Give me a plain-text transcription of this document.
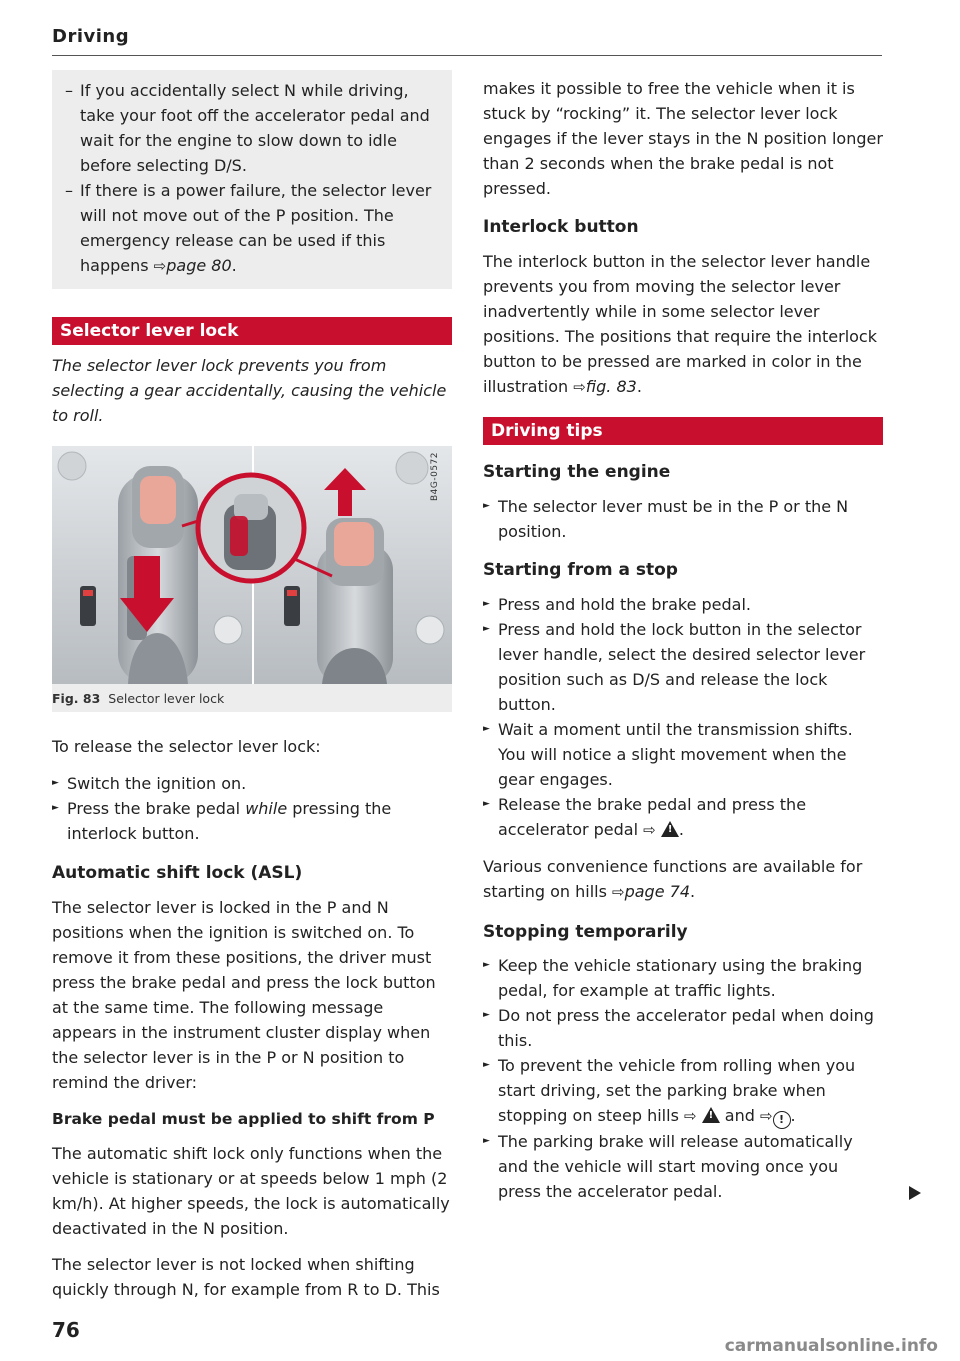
Driving

– If you accidentally select N while driving, take your foot off the accelerator pedal and wait for the engine to slow down to idle before selecting D/S.

– If there is a power failure, the selector lever will not move out of the P position. The emergency release can be used if this happens ⇨page 80.

Selector lever lock

The selector lever lock prevents you from selecting a gear accidentally, causing the vehicle to roll.

B4G-0572
Fig. 83 Selector lever lock

To release the selector lever lock:

► Switch the ignition on.

► Press the brake pedal while pressing the interlock button.

Automatic shift lock (ASL)

The selector lever is locked in the P and N positions when the ignition is switched on. To remove it from these positions, the driver must press the brake pedal and press the lock button at the same time. The following message appears in the instrument cluster display when the selector lever is in the P or N position to remind the driver:

Brake pedal must be applied to shift from P

The automatic shift lock only functions when the vehicle is stationary or at speeds below 1 mph (2 km/h). At higher speeds, the lock is automatically deactivated in the N position.

The selector lever is not locked when shifting quickly through N, for example from R to D. This

makes it possible to free the vehicle when it is stuck by “rocking” it. The selector lever lock engages if the lever stays in the N position longer than 2 seconds when the brake pedal is not pressed.

Interlock button

The interlock button in the selector lever handle prevents you from moving the selector lever inadvertently while in some selector lever positions. The positions that require the interlock button to be pressed are marked in color in the illustration ⇨fig. 83.

Driving tips
Starting the engine

► The selector lever must be in the P or the N position.

Starting from a stop

► Press and hold the brake pedal.

► Press and hold the lock button in the selector lever handle, select the desired selector lever position such as D/S and release the lock button.

► Wait a moment until the transmission shifts. You will notice a slight movement when the gear engages.

► Release the brake pedal and press the accelerator pedal ⇨ ! .

Various convenience functions are available for starting on hills ⇨page 74.

Stopping temporarily

► Keep the vehicle stationary using the braking pedal, for example at traffic lights.

► Do not press the accelerator pedal when doing this.

► To prevent the vehicle from rolling when you start driving, set the parking brake when stopping on steep hills ⇨ ! and ⇨ ! .

► The parking brake will release automatically and the vehicle will start moving once you press the accelerator pedal.

76
carmanualsonline.info
